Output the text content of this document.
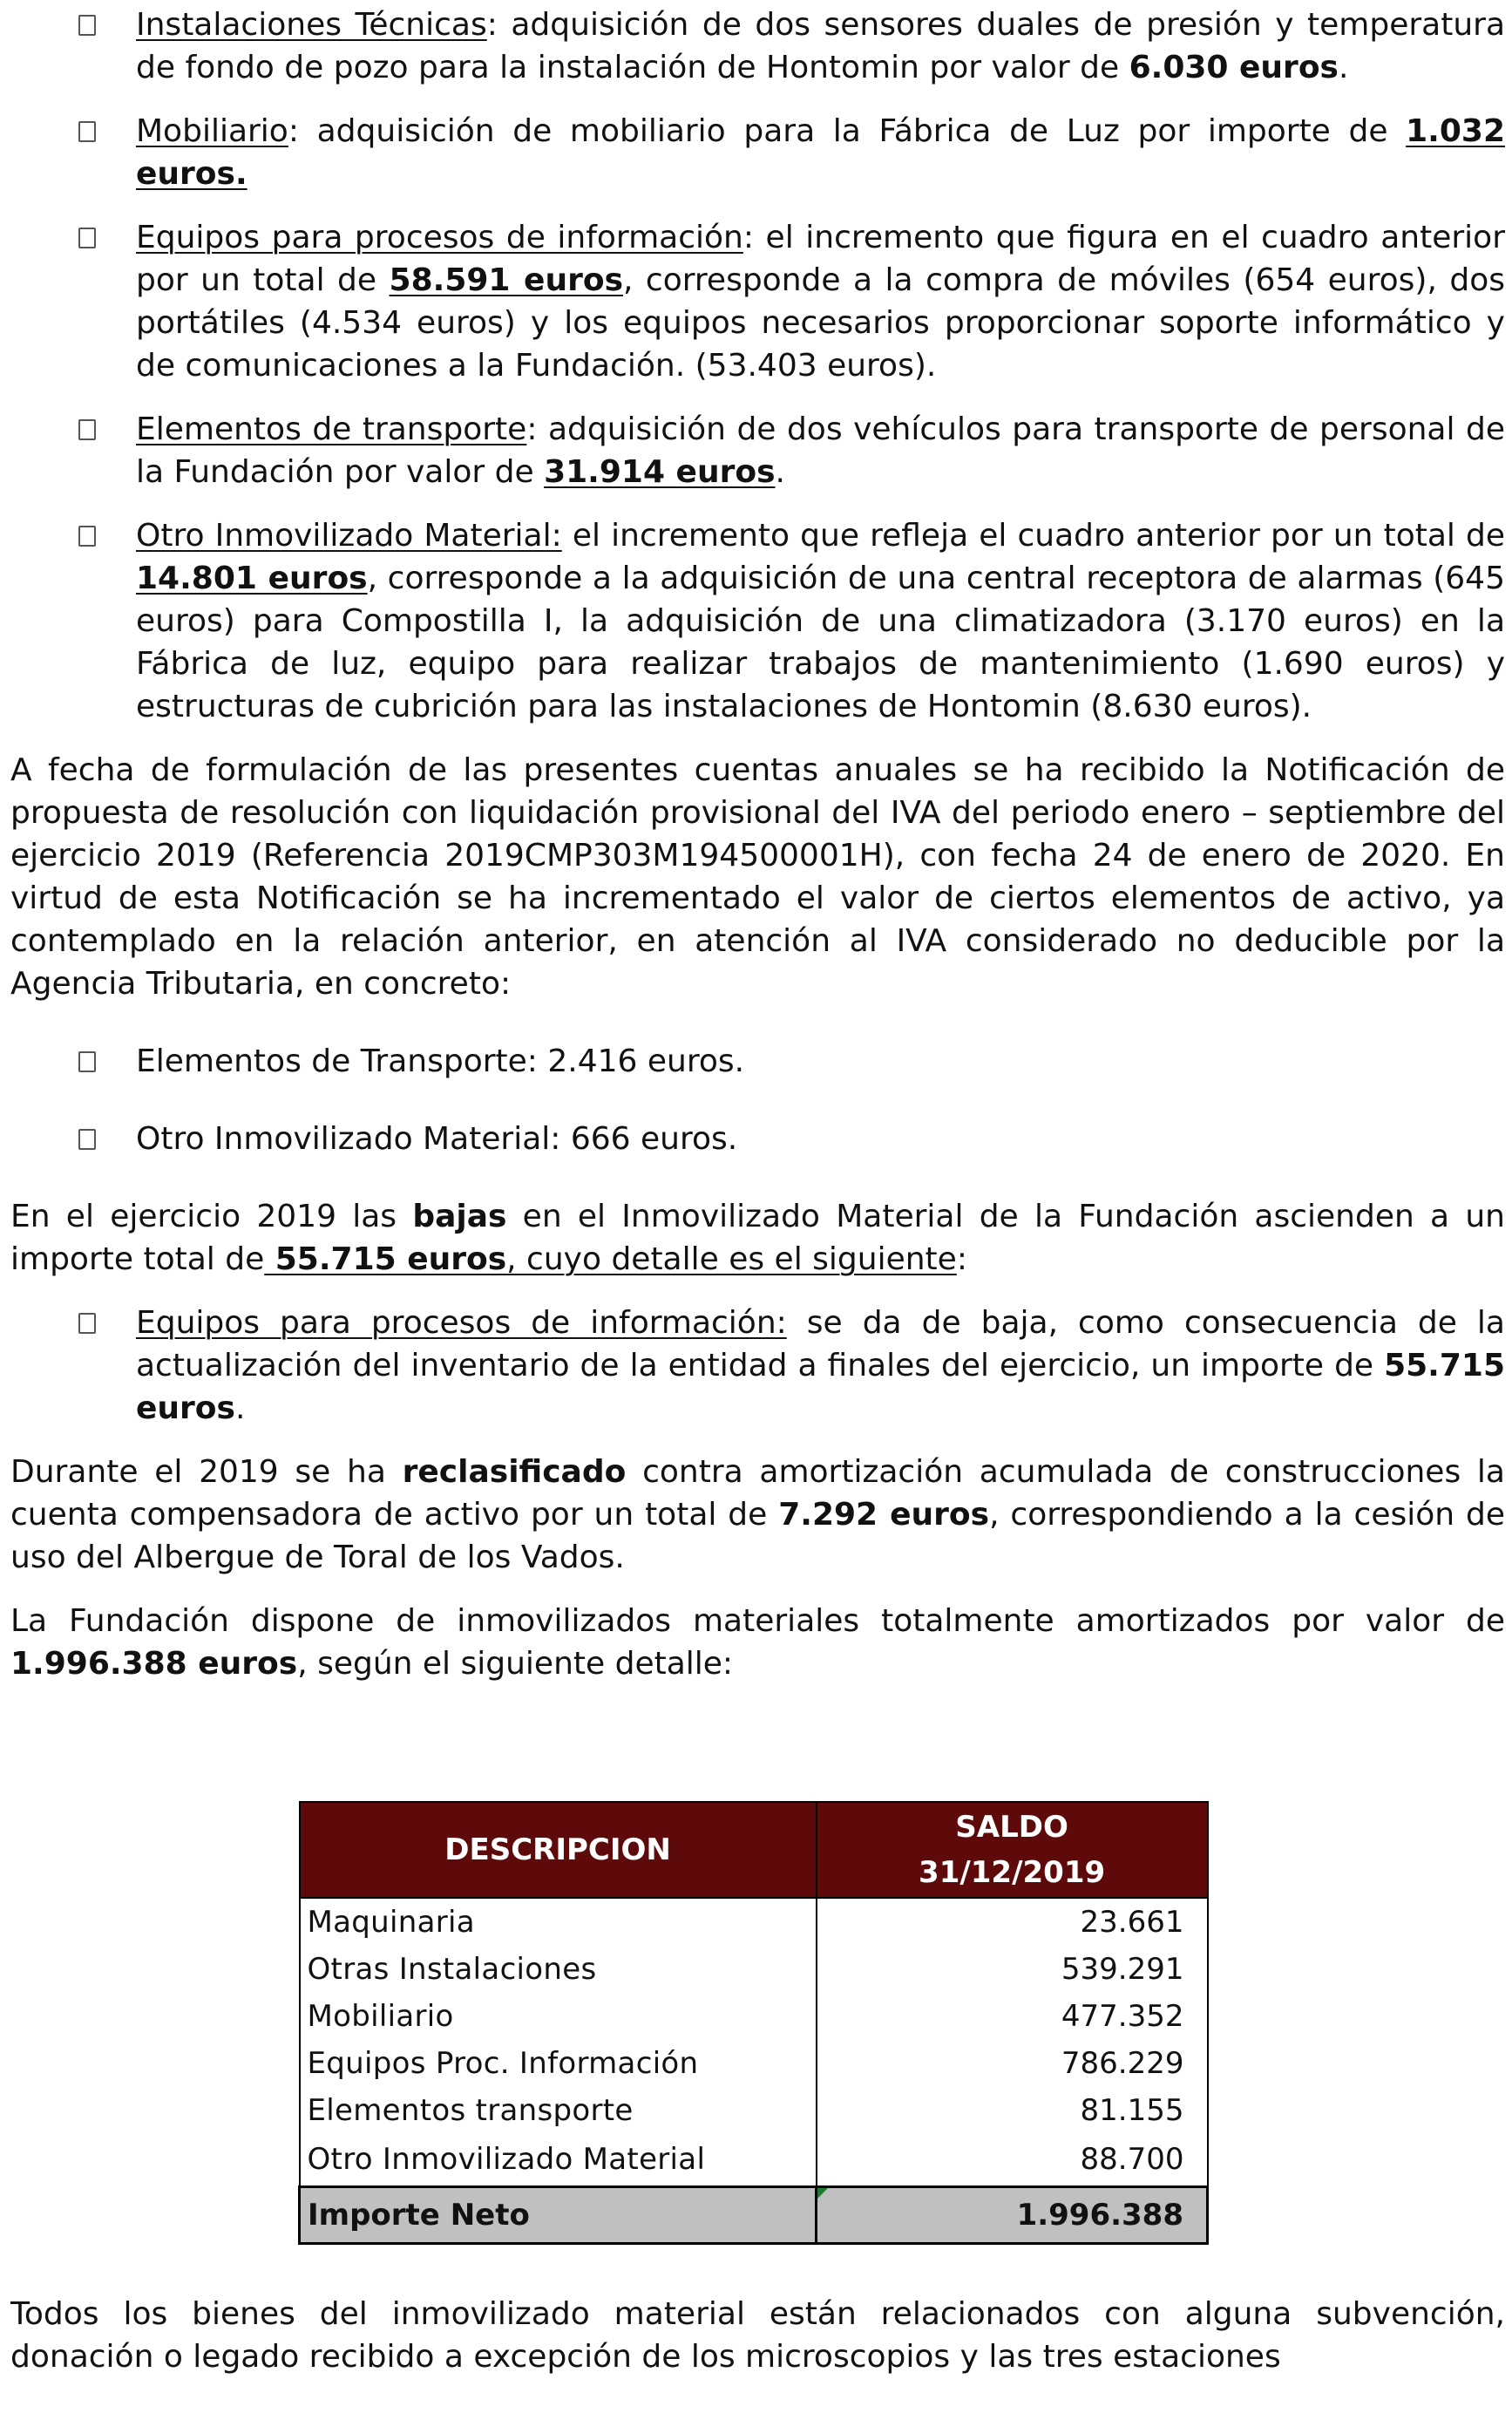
Instalaciones Técnicas: adquisición de dos sensores duales de presión y temperatura de fondo de pozo para la instalación de Hontomin por valor de 6.030 euros.
Mobiliario: adquisición de mobiliario para la Fábrica de Luz por importe de 1.032 euros.
Equipos para procesos de información: el incremento que figura en el cuadro anterior por un total de 58.591 euros, corresponde a la compra de móviles (654 euros), dos portátiles (4.534 euros) y los equipos necesarios proporcionar soporte informático y de comunicaciones a la Fundación. (53.403 euros).
Elementos de transporte: adquisición de dos vehículos para transporte de personal de la Fundación por valor de 31.914 euros.
Otro Inmovilizado Material: el incremento que refleja el cuadro anterior por un total de 14.801 euros, corresponde a la adquisición de una central receptora de alarmas (645 euros) para Compostilla I, la adquisición de una climatizadora (3.170 euros) en la Fábrica de luz, equipo para realizar trabajos de mantenimiento (1.690 euros) y estructuras de cubrición para las instalaciones de Hontomin (8.630 euros).

A fecha de formulación de las presentes cuentas anuales se ha recibido la Notificación de propuesta de resolución con liquidación provisional del IVA del periodo enero – septiembre del ejercicio 2019 (Referencia 2019CMP303M194500001H), con fecha 24 de enero de 2020. En virtud de esta Notificación se ha incrementado el valor de ciertos elementos de activo, ya contemplado en la relación anterior, en atención al IVA considerado no deducible por la Agencia Tributaria, en concreto:

Elementos de Transporte: 2.416 euros.
Otro Inmovilizado Material: 666 euros.

En el ejercicio 2019 las bajas en el Inmovilizado Material de la Fundación ascienden a un importe total de 55.715 euros, cuyo detalle es el siguiente:

Equipos para procesos de información: se da de baja, como consecuencia de la actualización del inventario de la entidad a finales del ejercicio, un importe de 55.715 euros.

Durante el 2019 se ha reclasificado contra amortización acumulada de construcciones la cuenta compensadora de activo por un total de 7.292 euros, correspondiendo a la cesión de uso del Albergue de Toral de los Vados.

La Fundación dispone de inmovilizados materiales totalmente amortizados por valor de 1.996.388 euros, según el siguiente detalle:

DESCRIPCION	SALDO
31/12/2019

Maquinaria	23.661
Otras Instalaciones	539.291
Mobiliario	477.352
Equipos Proc. Información	786.229
Elementos transporte	81.155
Otro Inmovilizado Material	88.700
Importe Neto	1.996.388

Todos los bienes del inmovilizado material están relacionados con alguna subvención, donación o legado recibido a excepción de los microscopios y las tres estaciones
